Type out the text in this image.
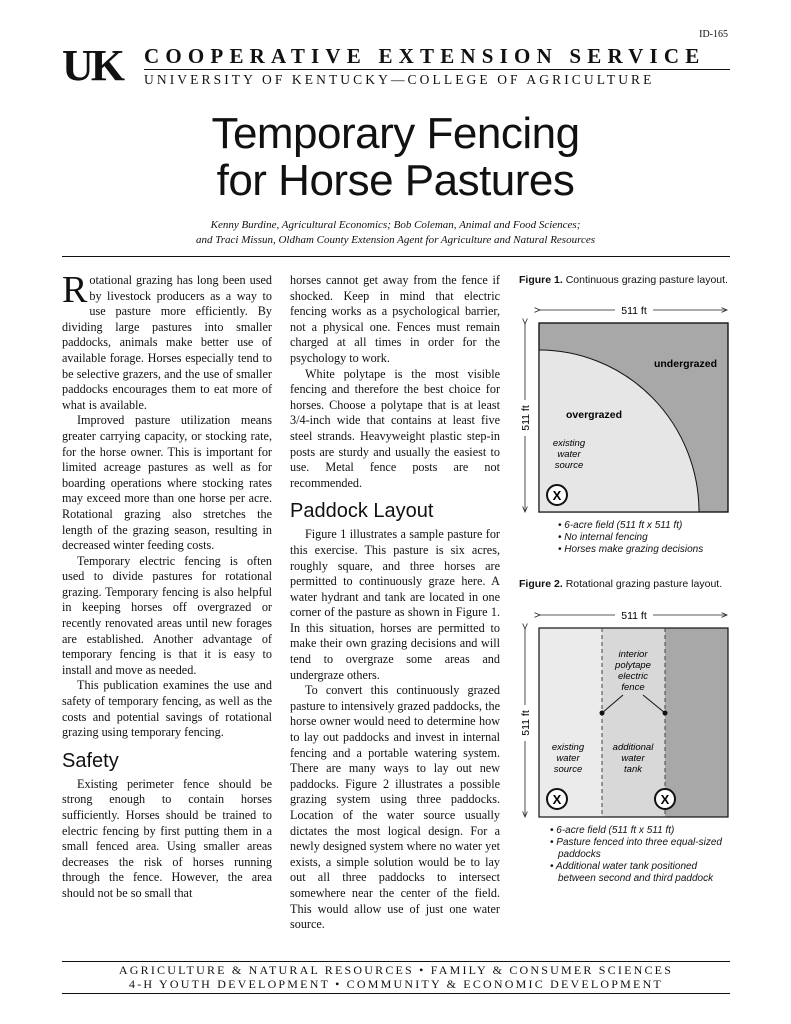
ID-165
UK COOPERATIVE EXTENSION SERVICE
UNIVERSITY OF KENTUCKY—COLLEGE OF AGRICULTURE
Temporary Fencing
for Horse Pastures
Kenny Burdine, Agricultural Economics; Bob Coleman, Animal and Food Sciences;
and Traci Missun, Oldham County Extension Agent for Agriculture and Natural Resources

Rotational grazing has long been used by livestock producers as a way to use pasture more efficiently. By dividing large pastures into smaller paddocks, animals make better use of available forage. Horses especially tend to be selective grazers, and the use of smaller paddocks encourages them to eat more of what is available.

Improved pasture utilization means greater carrying capacity, or stocking rate, for the horse owner. This is important for limited acreage pastures as well as for boarding operations where stocking rates may exceed more than one horse per acre. Rotational grazing also stretches the length of the grazing season, resulting in decreased winter feeding costs.

Temporary electric fencing is often used to divide pastures for rotational grazing. Temporary fencing is also helpful in keeping horses off overgrazed or recently renovated areas until new forages are established. Another advantage of temporary fencing is that it is easy to install and move as needed.

This publication examines the use and safety of temporary fencing, as well as the costs and potential savings of rotational grazing using temporary fencing.

Safety

Existing perimeter fence should be strong enough to contain horses sufficiently. Horses should be trained to electric fencing by first putting them in a small fenced area. Using smaller areas decreases the risk of horses running through the fence. However, the area should not be so small that

horses cannot get away from the fence if shocked. Keep in mind that electric fencing works as a psychological barrier, not a physical one. Fences must remain charged at all times in order for the psychology to work.

White polytape is the most visible fencing and therefore the best choice for horses. Choose a polytape that is at least 3/4-inch wide that contains at least five steel strands. Heavyweight plastic step-in posts are sturdy and usually the easiest to use. Metal fence posts are not recommended.

Paddock Layout

Figure 1 illustrates a sample pasture for this exercise. This pasture is six acres, roughly square, and three horses are permitted to continuously graze here. A water hydrant and tank are located in one corner of the pasture as shown in Figure 1. In this situation, horses are permitted to make their own grazing decisions and will tend to overgraze some areas and undergraze others.

To convert this continuously grazed pasture to intensively grazed paddocks, the horse owner would need to determine how to lay out paddocks and invest in internal fencing and a portable watering system. There are many ways to lay out new paddocks. Figure 2 illustrates a possible grazing system using three paddocks. Location of the water source usually dictates the most logical design. For a newly designed system where no water yet exists, a simple solution would be to lay out all three paddocks to intersect somewhere near the center of the field. This would allow use of just one water source.

Figure 1. Continuous grazing pasture layout.
511 ft
511 ft
undergrazed
overgrazed
existing
water
source
X
• 6-acre field (511 ft x 511 ft)
• No internal fencing
• Horses make grazing decisions
Figure 2. Rotational grazing pasture layout.
511 ft
511 ft
interior
polytape
electric
fence
existing
water
source
additional
water
tank
X	X
• 6-acre field (511 ft x 511 ft)
• Pasture fenced into three equal-sized paddocks
• Additional water tank positioned between second and third paddock
AGRICULTURE & NATURAL RESOURCES • FAMILY & CONSUMER SCIENCES
4-H YOUTH DEVELOPMENT • COMMUNITY & ECONOMIC DEVELOPMENT
